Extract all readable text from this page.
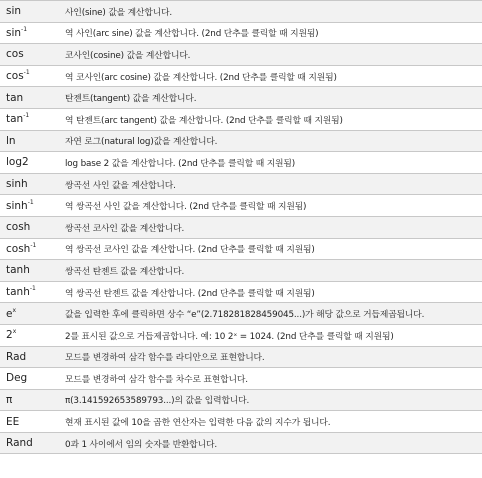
sin	사인(sine) 값을 계산합니다.
$\sin^{-1}$	역 사인(arc sine) 값을 계산합니다. (2nd 단추를 클릭할 때 지원됨)
cos	코사인(cosine) 값을 계산합니다.
$\cos^{-1}$	역 코사인(arc cosine) 값을 계산합니다. (2nd 단추를 클릭할 때 지원됨)
tan	탄젠트(tangent) 값을 계산합니다.
$\tan^{-1}$	역 탄젠트(arc tangent) 값을 계산합니다. (2nd 단추를 클릭할 때 지원됨)
ln	자연 로그(natural log)값을 계산합니다.
log2	log base 2 값을 계산합니다. (2nd 단추를 클릭할 때 지원됨)
sinh	쌍곡선 사인 값을 계산합니다.
$\sinh^{-1}$	역 쌍곡선 사인 값을 계산합니다. (2nd 단추를 클릭할 때 지원됨)
cosh	쌍곡선 코사인 값을 계산합니다.
$\cosh^{-1}$	역 쌍곡선 코사인 값을 계산합니다. (2nd 단추를 클릭할 때 지원됨)
tanh	쌍곡선 탄젠트 값을 계산합니다.
$\tanh^{-1}$	역 쌍곡선 탄젠트 값을 계산합니다. (2nd 단추를 클릭할 때 지원됨)
$e^x$	값을 입력한 후에 클릭하면 상수 “e”(2.718281828459045...)가 해당 값으로 거듭제곱됩니다.
2$^x$	2를 표시된 값으로 거듭제곱합니다. 예: 10 2ˣ = 1024. (2nd 단추를 클릭할 때 지원됨)
Rad	모드를 변경하여 삼각 함수를 라디안으로 표현합니다.
Deg	모드를 변경하여 삼각 함수를 차수로 표현합니다.
π	π(3.141592653589793...)의 값을 입력합니다.
EE	현재 표시된 값에 10을 곱한 연산자는 입력한 다음 값의 지수가 됩니다.
Rand	0과 1 사이에서 임의 숫자를 반환합니다.
